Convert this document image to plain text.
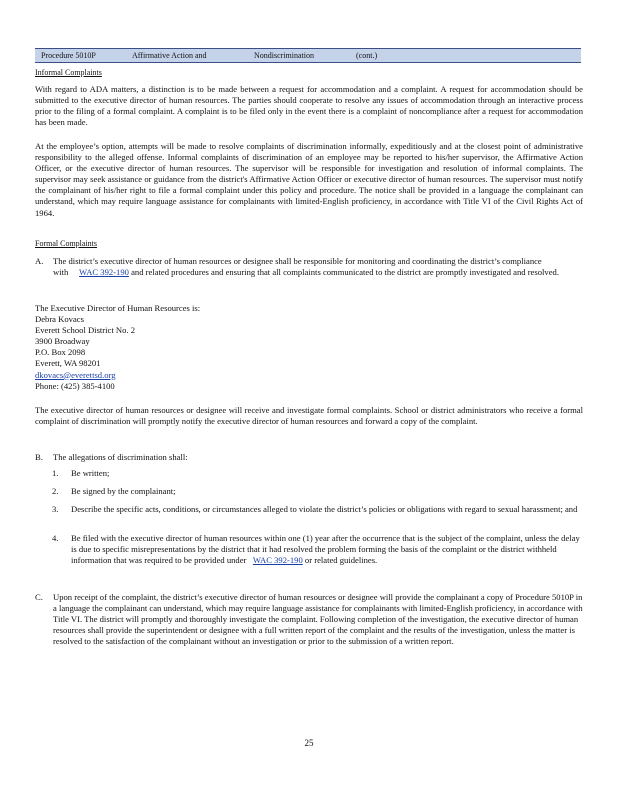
Procedure 5010P	Affirmative Action and	Nondiscrimination	(cont.)
Informal Complaints

With regard to ADA matters, a distinction is to be made between a request for accommodation and a complaint. A request for accommodation should be submitted to the executive director of human resources. The parties should cooperate to resolve any issues of accommodation through an interactive process prior to the filing of a formal complaint. A complaint is to be filed only in the event there is a complaint of noncompliance after a request for accommodation has been made.

At the employee’s option, attempts will be made to resolve complaints of discrimination informally, expeditiously and at the closest point of administrative responsibility to the alleged offense. Informal complaints of discrimination of an employee may be reported to his/her supervisor, the Affirmative Action Officer, or the executive director of human resources. The supervisor will be responsible for investigation and resolution of informal complaints. The supervisor may seek assistance or guidance from the district's Affirmative Action Officer or executive director of human resources. The supervisor must notify the complainant of his/her right to file a formal complaint under this policy and procedure. The notice shall be provided in a language the complainant can understand, which may require language assistance for complainants with limited-English proficiency, in accordance with Title VI of the Civil Rights Act of 1964.

Formal Complaints
A. The district’s executive director of human resources or designee shall be responsible for monitoring and coordinating the district’s compliance with WAC 392-190 and related procedures and ensuring that all complaints communicated to the district are promptly investigated and resolved.
The Executive Director of Human Resources is:
Debra Kovacs
Everett School District No. 2
3900 Broadway
P.O. Box 2098
Everett, WA 98201
dkovacs@everettsd.org
Phone: (425) 385-4100

The executive director of human resources or designee will receive and investigate formal complaints. School or district administrators who receive a formal complaint of discrimination will promptly notify the executive director of human resources and forward a copy of the complaint.

B. The allegations of discrimination shall:
1. Be written;
2. Be signed by the complainant;
3. Describe the specific acts, conditions, or circumstances alleged to violate the district’s policies or obligations with regard to sexual harassment; and
4. Be filed with the executive director of human resources within one (1) year after the occurrence that is the subject of the complaint, unless the delay is due to specific misrepresentations by the district that it had resolved the problem forming the basis of the complaint or the district withheld information that was required to be provided under WAC 392-190 or related guidelines.
C. Upon receipt of the complaint, the district’s executive director of human resources or designee will provide the complainant a copy of Procedure 5010P in a language the complainant can understand, which may require language assistance for complainants with limited-English proficiency, in accordance with Title VI. The district will promptly and thoroughly investigate the complaint. Following completion of the investigation, the executive director of human resources shall provide the superintendent or designee with a full written report of the complaint and the results of the investigation, unless the matter is resolved to the satisfaction of the complainant without an investigation or prior to the submission of a written report.
25
